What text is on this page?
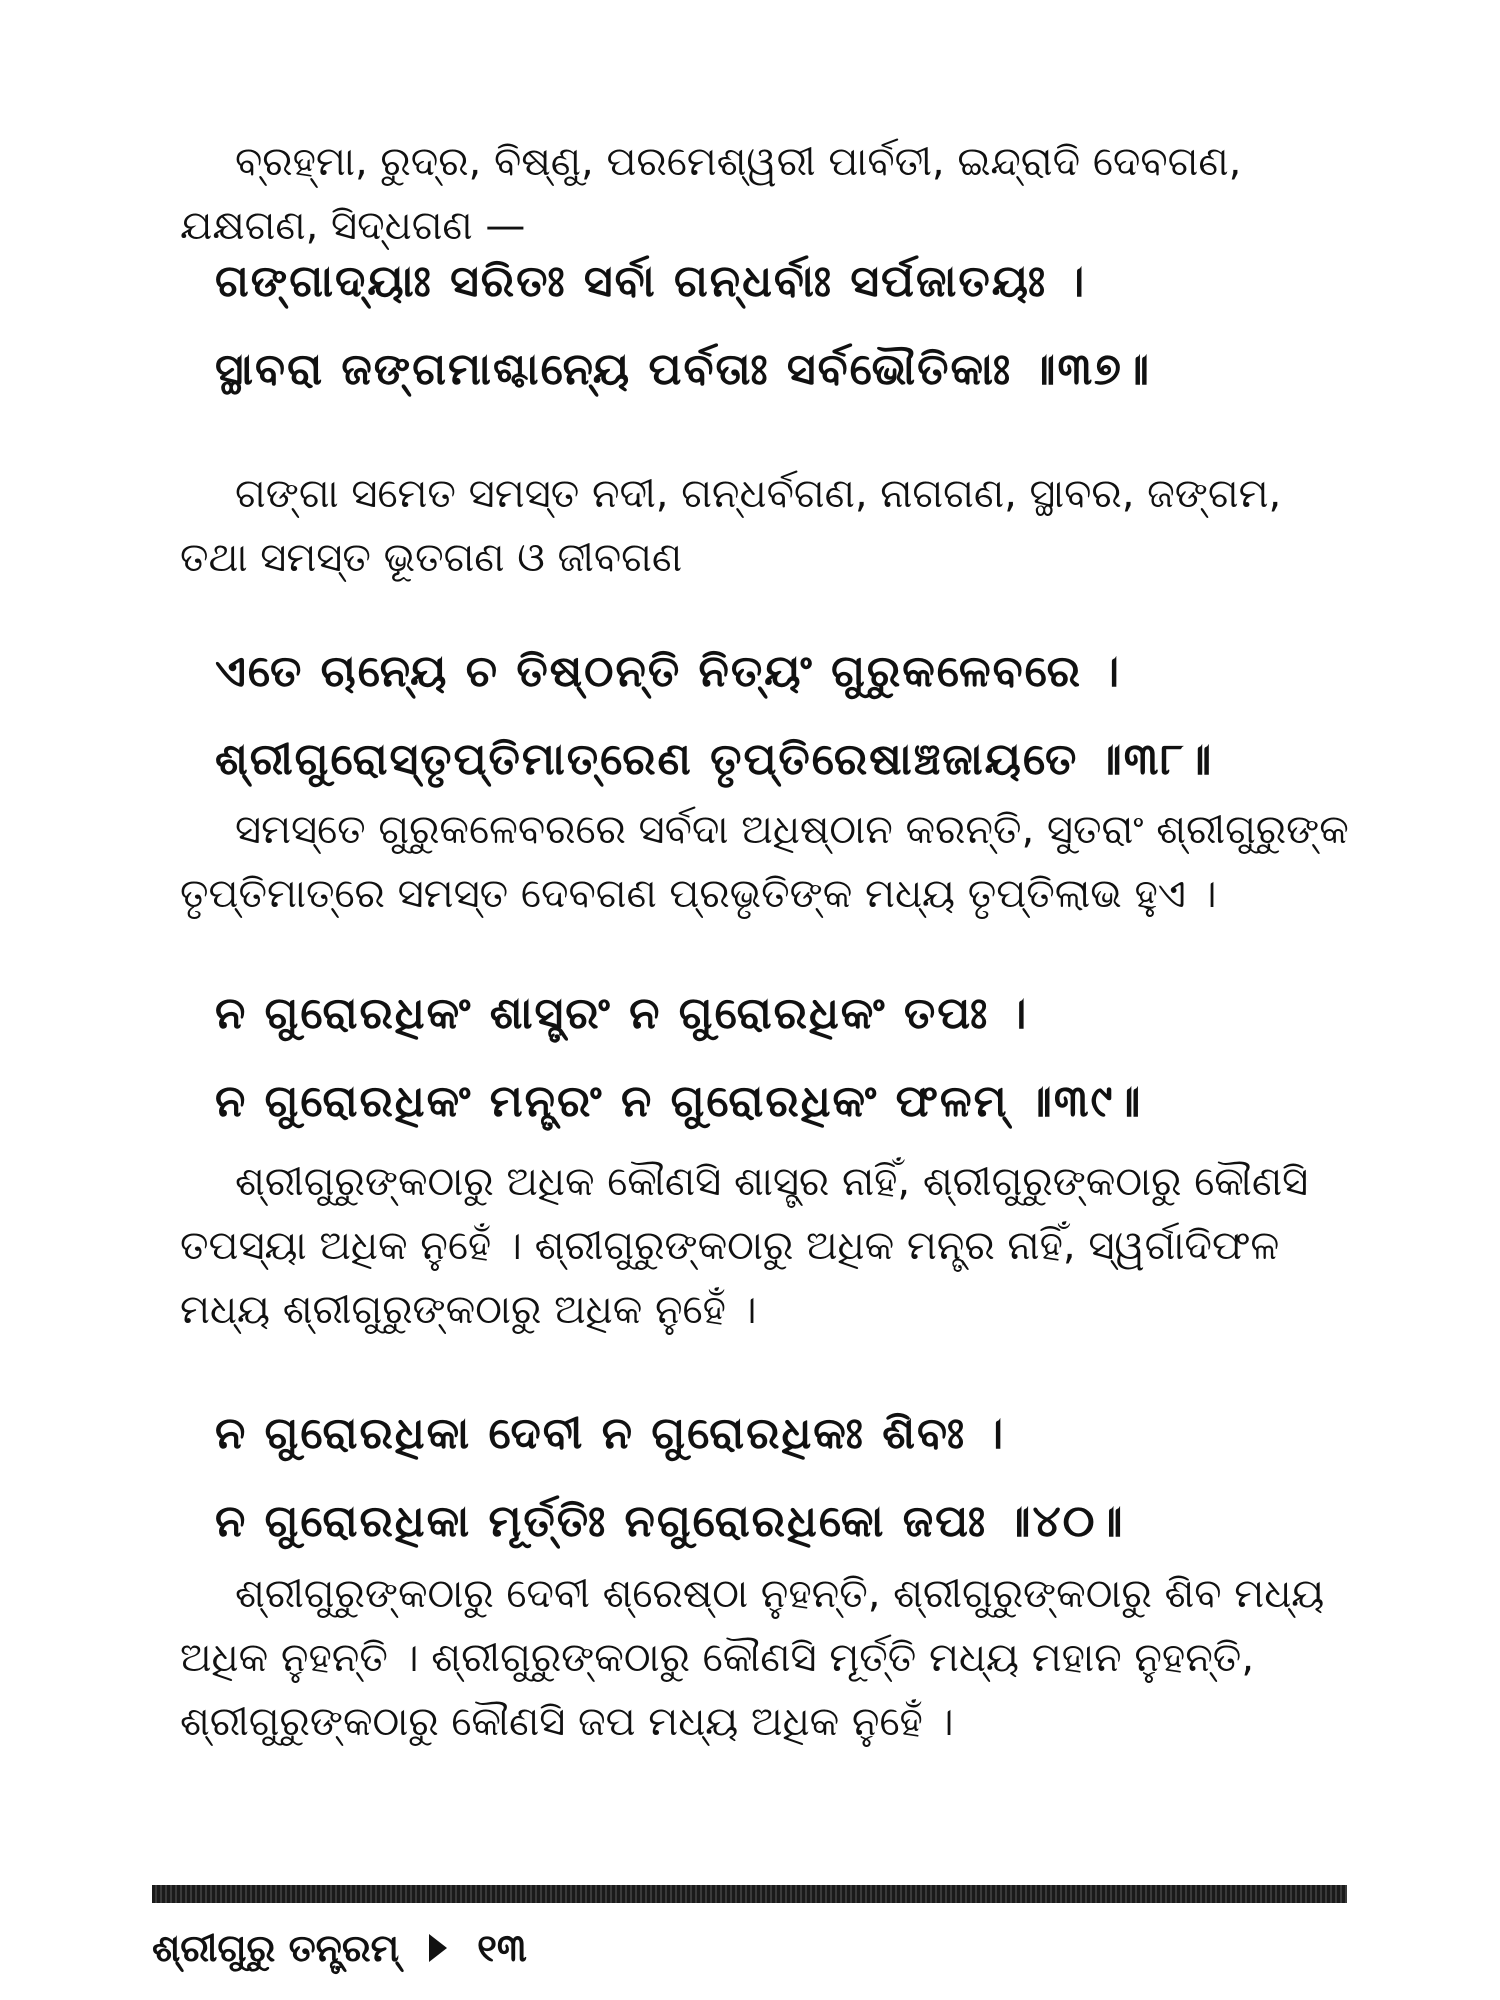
ବ୍ରହ୍ମା, ରୁଦ୍ର, ବିଷ୍ଣୁ, ପରମେଶ୍ୱରୀ ପାର୍ବତୀ, ଇନ୍ଦ୍ରାଦି ଦେବଗଣ, ଯକ୍ଷଗଣ, ସିଦ୍ଧଗଣ —

ଗଙ୍ଗାଦ୍ୟାଃ ସରିତଃ ସର୍ବା ଗନ୍ଧର୍ବାଃ ସର୍ପଜାତୟଃ ।
ସ୍ଥାବରା ଜଙ୍ଗମାଶ୍ଚାନ୍ୟେ ପର୍ବତାଃ ସର୍ବଭୌତିକାଃ ॥୩୭॥

ଗଙ୍ଗା ସମେତ ସମସ୍ତ ନଦୀ, ଗନ୍ଧର୍ବଗଣ, ନାଗଗଣ, ସ୍ଥାବର, ଜଙ୍ଗମ, ତଥା ସମସ୍ତ ଭୂତଗଣ ଓ ଜୀବଗଣ

ଏତେ ଚାନ୍ୟେ ଚ ତିଷ୍ଠନ୍ତି ନିତ୍ୟଂ ଗୁରୁକଳେବରେ ।
ଶ୍ରୀଗୁରୋସ୍ତୃପ୍ତିମାତ୍ରେଣ ତୃପ୍ତିରେଷାଞ୍ଚଜାୟତେ ॥୩୮॥

ସମସ୍ତେ ଗୁରୁକଳେବରରେ ସର୍ବଦା ଅଧିଷ୍ଠାନ କରନ୍ତି, ସୁତରାଂ ଶ୍ରୀଗୁରୁଙ୍କ ତୃପ୍ତିମାତ୍ରେ ସମସ୍ତ ଦେବଗଣ ପ୍ରଭୃତିଙ୍କ ମଧ୍ୟ ତୃପ୍ତିଲାଭ ହୁଏ ।

ନ ଗୁରୋରଧିକଂ ଶାସ୍ତ୍ରଂ ନ ଗୁରୋରଧିକଂ ତପଃ ।
ନ ଗୁରୋରଧିକଂ ମନ୍ତ୍ରଂ ନ ଗୁରୋରଧିକଂ ଫଳମ୍ ॥୩୯॥

ଶ୍ରୀଗୁରୁଙ୍କଠାରୁ ଅଧିକ କୌଣସି ଶାସ୍ତ୍ର ନାହିଁ, ଶ୍ରୀଗୁରୁଙ୍କଠାରୁ କୌଣସି ତପସ୍ୟା ଅଧିକ ନୁହେଁ । ଶ୍ରୀଗୁରୁଙ୍କଠାରୁ ଅଧିକ ମନ୍ତ୍ର ନାହିଁ, ସ୍ୱର୍ଗାଦିଫଳ ମଧ୍ୟ ଶ୍ରୀଗୁରୁଙ୍କଠାରୁ ଅଧିକ ନୁହେଁ ।

ନ ଗୁରୋରଧିକା ଦେବୀ ନ ଗୁରୋରଧିକଃ ଶିବଃ ।
ନ ଗୁରୋରଧିକା ମୂର୍ତ୍ତିଃ ନଗୁରୋରଧିକୋ ଜପଃ ॥୪୦॥

ଶ୍ରୀଗୁରୁଙ୍କଠାରୁ ଦେବୀ ଶ୍ରେଷ୍ଠା ନୁହନ୍ତି, ଶ୍ରୀଗୁରୁଙ୍କଠାରୁ ଶିବ ମଧ୍ୟ ଅଧିକ ନୁହନ୍ତି । ଶ୍ରୀଗୁରୁଙ୍କଠାରୁ କୌଣସି ମୂର୍ତ୍ତି ମଧ୍ୟ ମହାନ ନୁହନ୍ତି, ଶ୍ରୀଗୁରୁଙ୍କଠାରୁ କୌଣସି ଜପ ମଧ୍ୟ ଅଧିକ ନୁହେଁ ।

ଶ୍ରୀଗୁରୁ ତନ୍ତ୍ରମ୍ ୧୩
